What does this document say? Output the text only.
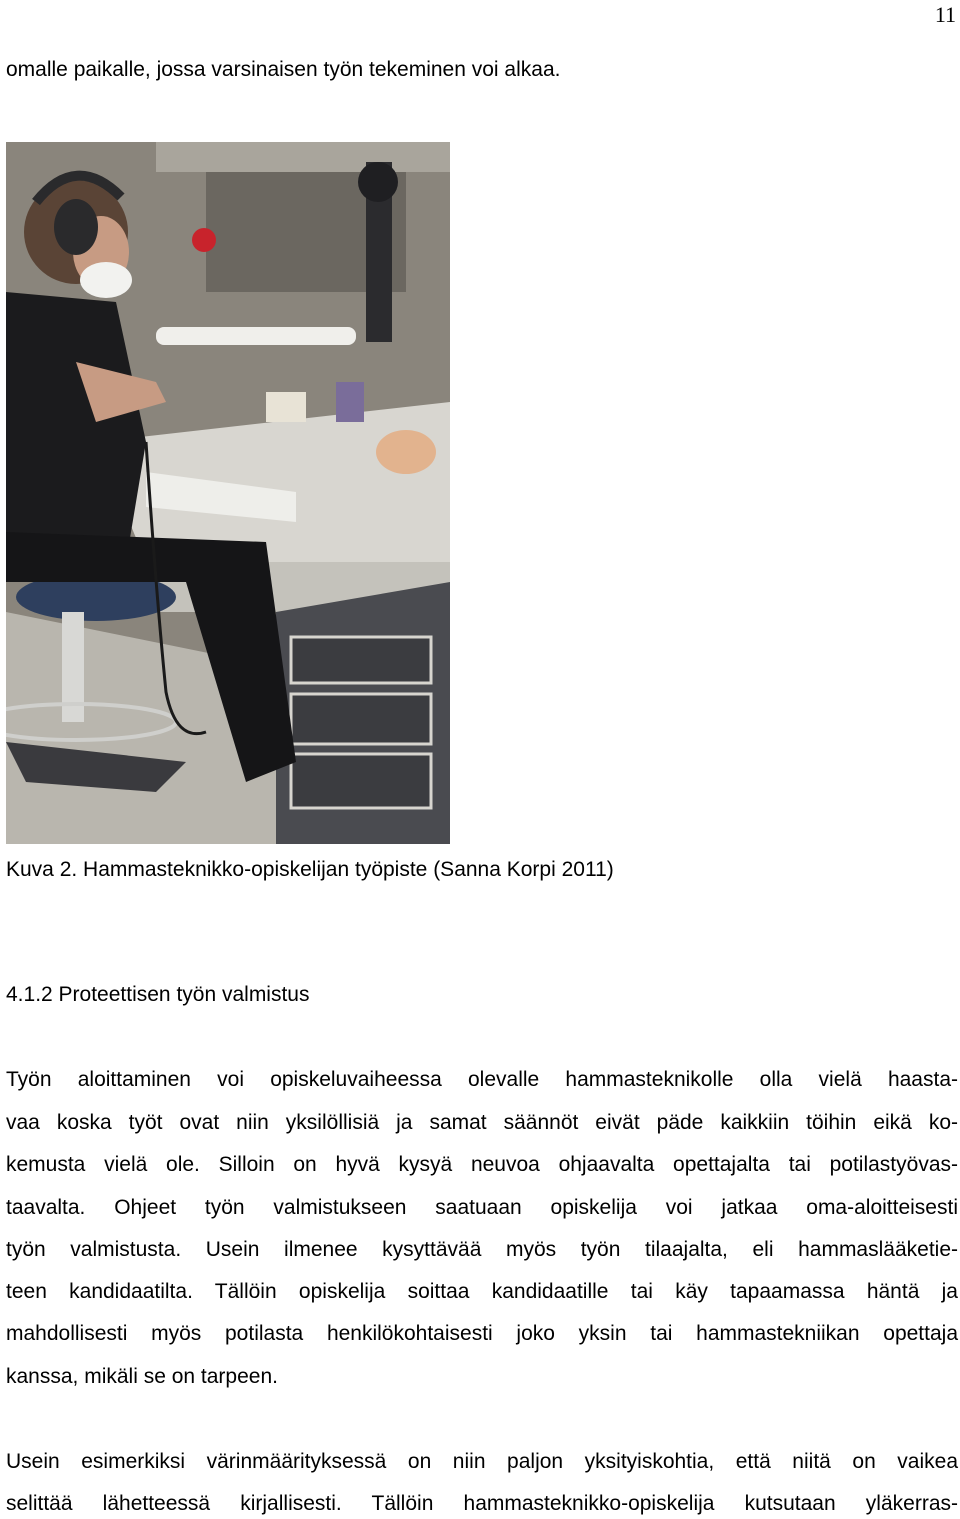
11
omalle paikalle, jossa varsinaisen työn tekeminen voi alkaa.
Kuva 2. Hammasteknikko-opiskelijan työpiste (Sanna Korpi 2011)
4.1.2 Proteettisen työn valmistus
Työn aloittaminen voi opiskeluvaiheessa olevalle hammasteknikolle olla vielä haasta-
vaa koska työt ovat niin yksilöllisiä ja samat säännöt eivät päde kaikkiin töihin eikä ko-
kemusta vielä ole. Silloin on hyvä kysyä neuvoa ohjaavalta opettajalta tai potilastyövas-
taavalta. Ohjeet työn valmistukseen saatuaan opiskelija voi jatkaa oma-aloitteisesti
työn valmistusta. Usein ilmenee kysyttävää myös työn tilaajalta, eli hammaslääketie-
teen kandidaatilta. Tällöin opiskelija soittaa kandidaatille tai käy tapaamassa häntä ja
mahdollisesti myös potilasta henkilökohtaisesti joko yksin tai hammastekniikan opettaja
kanssa, mikäli se on tarpeen.
Usein esimerkiksi värinmäärityksessä on niin paljon yksityiskohtia, että niitä on vaikea
selittää lähetteessä kirjallisesti. Tällöin hammasteknikko-opiskelija kutsutaan yläkerras-
